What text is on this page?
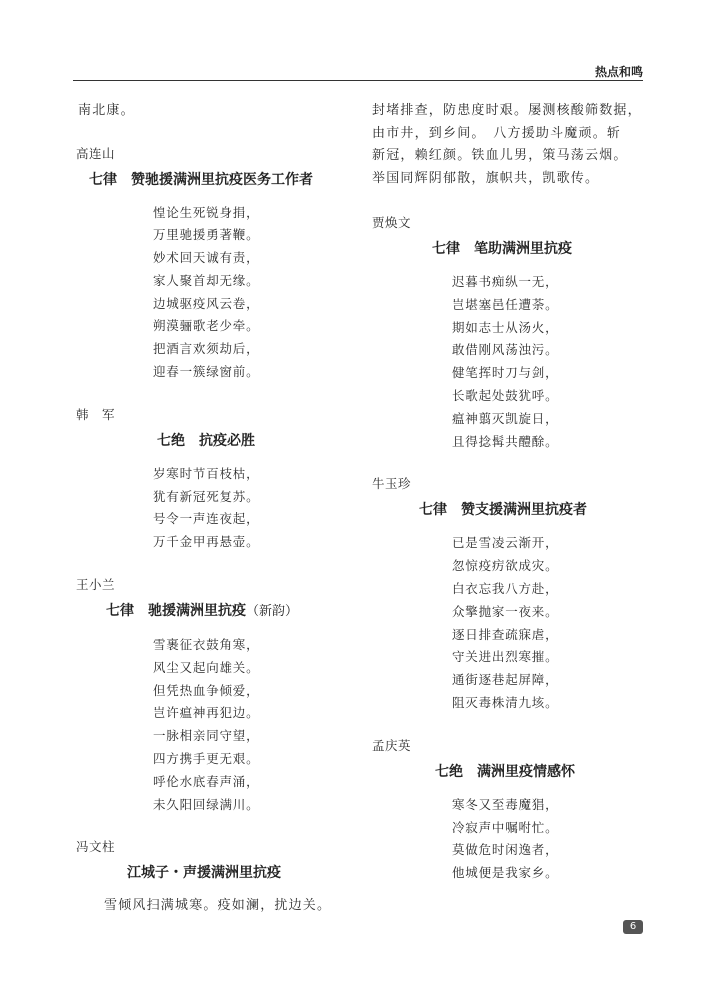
热点和鸣
南北康。
高连山
七律　赞驰援满洲里抗疫医务工作者
惶论生死锐身捐，
万里驰援勇著鞭。
妙术回天诚有责，
家人聚首却无缘。
边城驱疫风云卷，
朔漠骊歌老少牵。
把酒言欢须劫后，
迎春一簇绿窗前。
韩　军
七绝　抗疫必胜
岁寒时节百枝枯，
犹有新冠死复苏。
号令一声连夜起，
万千金甲再悬壶。
王小兰
七律　驰援满洲里抗疫（新韵）
雪裹征衣鼓角寒，
风尘又起向雄关。
但凭热血争倾爱，
岂许瘟神再犯边。
一脉相亲同守望，
四方携手更无艰。
呼伦水底春声涌，
未久阳回绿满川。
冯文柱
江城子・声援满洲里抗疫
雪倾风扫满城寒。疫如澜，扰边关。
封堵排查，防患度时艰。屡测核酸筛数据，
由市井，到乡间。　八方援助斗魔顽。斩
新冠，赖红颜。铁血儿男，策马荡云烟。
举国同辉阴郁散，旗帜共，凯歌传。
贾焕文
七律　笔助满洲里抗疫
迟暮书痴纵一无，
岂堪塞邑任遭荼。
期如志士从汤火，
敢借刚风荡浊污。
健笔挥时刀与剑，
长歌起处鼓犹呼。
瘟神翦灭凯旋日，
且得捻髯共醴酴。
牛玉珍
七律　赞支援满洲里抗疫者
已是雪凌云渐开，
忽惊疫疠欲成灾。
白衣忘我八方赴，
众擎抛家一夜来。
逐日排查疏寐虐，
守关进出烈寒摧。
通街逐巷起屏障，
阻灭毒株清九垓。
孟庆英
七绝　满洲里疫情感怀
寒冬又至毒魔猖，
冷寂声中嘱咐忙。
莫做危时闲逸者，
他城便是我家乡。
6
